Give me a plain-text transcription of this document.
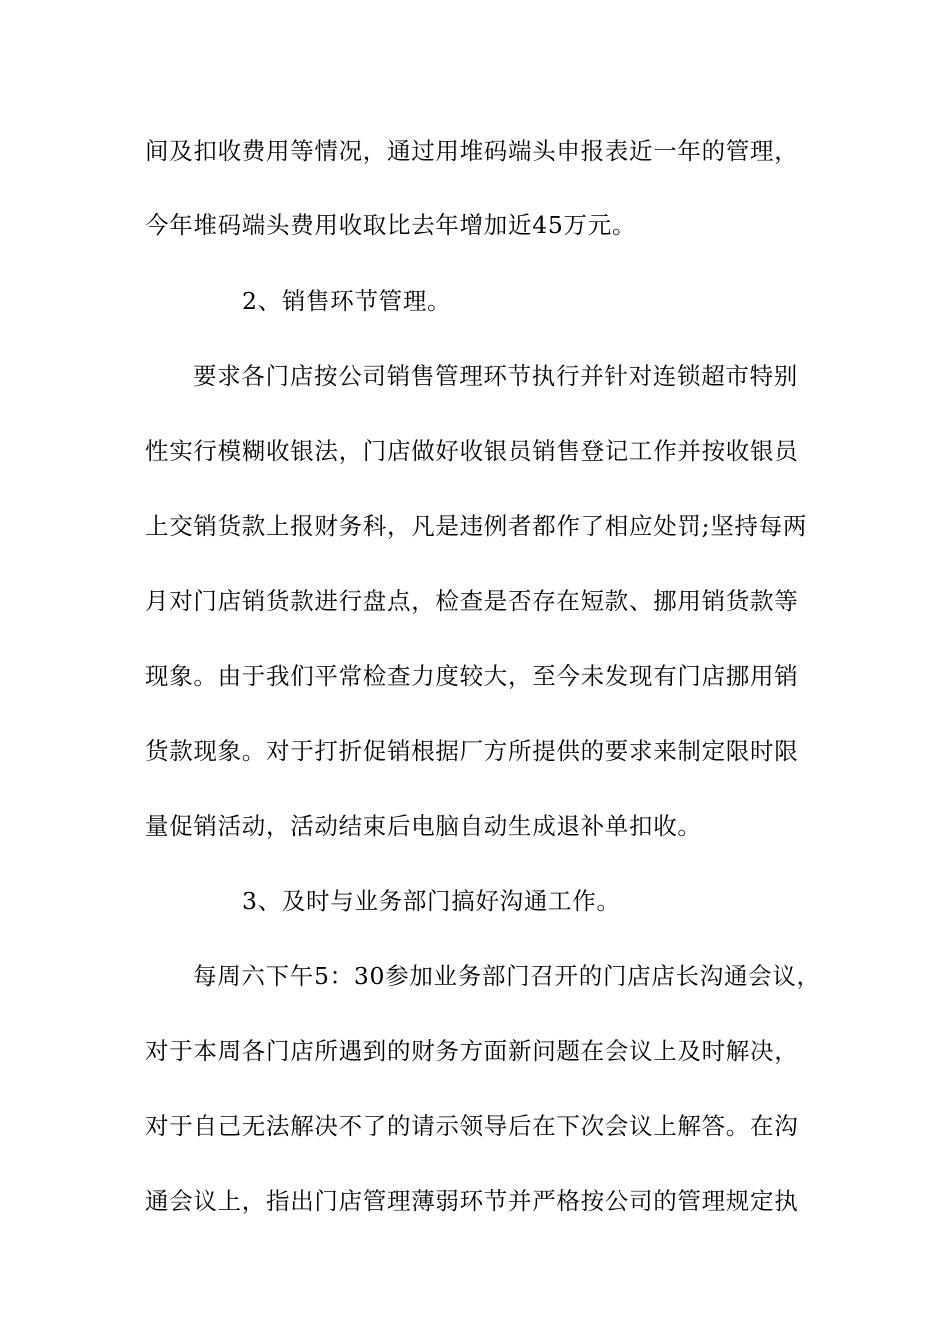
间及扣收费用等情况，通过用堆码端头申报表近一年的管理，
今年堆码端头费用收取比去年增加近45万元。
2、销售环节管理。
要求各门店按公司销售管理环节执行并针对连锁超市特别
性实行模糊收银法，门店做好收银员销售登记工作并按收银员
上交销货款上报财务科，凡是违例者都作了相应处罚;坚持每两
月对门店销货款进行盘点，检查是否存在短款、挪用销货款等
现象。由于我们平常检查力度较大，至今未发现有门店挪用销
货款现象。对于打折促销根据厂方所提供的要求来制定限时限
量促销活动，活动结束后电脑自动生成退补单扣收。
3、及时与业务部门搞好沟通工作。
每周六下午5：30参加业务部门召开的门店店长沟通会议，
对于本周各门店所遇到的财务方面新问题在会议上及时解决，
对于自己无法解决不了的请示领导后在下次会议上解答。在沟
通会议上，指出门店管理薄弱环节并严格按公司的管理规定执
